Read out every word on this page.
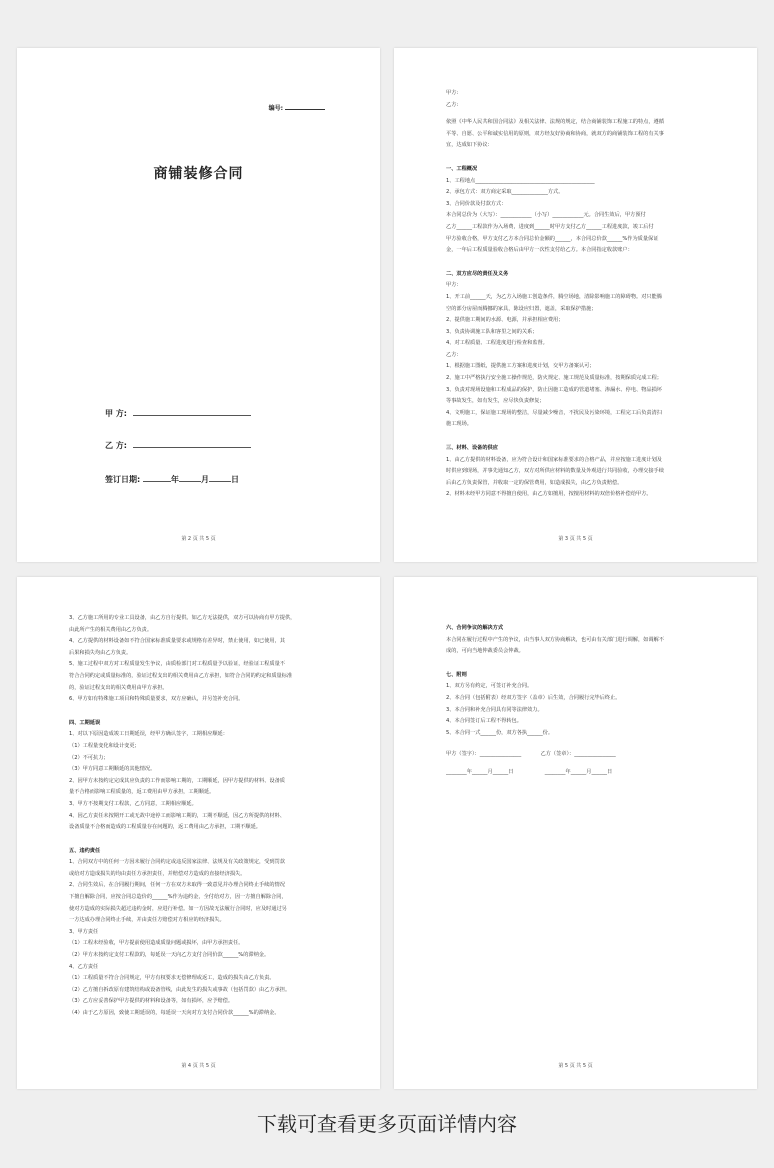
编号:
商铺装修合同
甲 方:
乙 方:
签订日期:	年	月	日
第 2 页 共 5 页
甲方:
乙方:
依照《中华人民共和国合同法》及相关法律、法规的规定，结合商铺装饰工程施工的特点，遵循
平等、自愿、公平和诚实信用的原则，双方经友好协商和协商，就双方的商铺装饰工程的有关事
宜，达成如下协议：
一、工程概况
1、工程地点______________________________________________
2、承包方式：双方商定采取______________方式。
3、合同价款及付款方式：
本合同总价为（大写）：____________（小写）____________元。合同生效后，甲方预付
乙方______工程款作为入场费，进度到______时甲方支付乙方______工程进度款，竣工后付
甲方验收合格，甲方支付乙方本合同总价金额的______，本合同总价款______%作为质量保证
金，一年后工程质量验收合格后由甲方一次性支付给乙方。本合同指定收款账户：
二、双方应尽的责任及义务
甲方：
1、开工前______天，为乙方入场施工创造条件，腾空场地，清除影响施工的障碍物。对只能腾
空的部分房屋而腾挪的家具，陈设应归置，遮盖，采取保护措施；
2、提供施工期间的水源、电源，并承担相应费用；
3、负责协调施工队和客里之间的关系；
4、对工程质量、工程进度进行检查和监督。
乙方：
1、根据施工图纸，提供施工方案和进度计划，交甲方备案认可；
2、施工中严格执行安全施工操作规范，防火规定、施工规范及质量标准，按期保质完成工程；
3、负责对现场设施和工程成品的保护，防止因施工造成的管道堵塞、渗漏水、停电、物品损坏
等事故发生，如有发生，应尽快负责修复；
4、文明施工，保证施工现场的整洁，尽量减少噪音，不扰民及污染环境，工程完工后负责清扫
施工现场。
三、材料、设备的供应
1、由乙方提供的材料设备，应为符合设计和国家标准要求的合格产品，并应按施工进度计划及
时供应到现场，并事先通知乙方，双方对所供应材料的数量及外观进行共同验收，办理交接手续
后由乙方负责保管，并收取一定的保管费用，如造成损失，由乙方负责赔偿。
2、材料未经甲方同意不得擅自使用，由乙方如擅用，按擅用材料的双倍价格补偿给甲方。
第 3 页 共 5 页
3、乙方施工所用的专业工具设备，由乙方自行提供。如乙方无法提供，双方可以协商有甲方提供，
由此所产生的相关费用由乙方负责。
4、乙方提供的材料设备如不符合国家标准质量要求或规格有差异时，禁止使用，如已使用，其
后果和损失均由乙方负责。
5、施工过程中双方对工程质量发生争议，由质检部门对工程质量予以验证，经验证工程质量不
符合合同约定或质量标准的，验证过程支出的相关费用由乙方承担，如符合合同的约定和质量标准
的，验证过程支出的相关费用由甲方承担。
6、甲方如有特殊施工项目和特殊质量要求，双方应确认，并另签补充合同。
四、工期延误
1、对以下原因造成竣工日期延误，经甲方确认签字，工期相应顺延：
（1）工程量变化和设计变更；
（2）不可抗力；
（3）甲方同意工期顺延的其他情况。
2、因甲方未按约定完成其应负责的工作而影响工期的，工期顺延，因甲方提供的材料、设备质
量不合格而影响工程质量的，返工费用由甲方承担，工期顺延。
3、甲方不按期支付工程款，乙方同意，工期相应顺延。
4、因乙方责任未按期开工或无故中途停工而影响工期的，工期不顺延，因乙方所提供的材料、
设备质量不合格而造成的工程质量存在问题的，返工费用由乙方承担，工期不顺延。
五、违约责任
1、合同双方中的任何一方因未履行合同约定或违反国家法律、法规及有关政策规定，受到罚款
或给对方造成损失的均由责任方承担责任，并赔偿对方造成的直接经济损失。
2、合同生效后，在合同履行期间，任何一方在双方未取得一致意见并办理合同终止手续的情况
下擅自解除合同，应按合同总造价的______%作为违约金，全付给对方，因一方擅自解除合同，
使对方造成的实际损失超过违约金时，应进行补偿。如一方因故无法履行合同时，应及时通过另
一方达成办理合同终止手续，并由责任方赔偿对方相应的经济损失。
3、甲方责任
（1）工程未经验收，甲方提前使用造成质量问题或损坏，由甲方承担责任。
（2）甲方未按约定支付工程款的，每延误一天向乙方支付合同价款______%的滞纳金。
4、乙方责任
（1）工程质量不符合合同规定，甲方有权要求无偿修理或返工，造成的损失由乙方负责。
（2）乙方擅自拆改原有建筑结构或设备管线，由此发生的损失或事故（包括罚款）由乙方承担。
（3）乙方应妥善保护甲方提供的材料和设备等，如有损坏，应予赔偿。
（4）由于乙方原因，致使工期延误的，每延误一天向对方支付合同价款______%的滞纳金。
第 4 页 共 5 页
六、合同争议的解决方式
本合同在履行过程中产生的争议，由当事人双方协商解决，也可由有关部门进行调解，如调解不
成的，可向当地仲裁委员会仲裁。
七、附则
1、双方另有约定，可签订补充合同。
2、本合同（包括附表）经双方签字（盖章）后生效，合同履行完毕后终止。
3、本合同和补充合同具有同等法律效力。
4、本合同签订后工程不得转包。
5、本合同一式______份，双方各执______份。
甲方（签字）：________________	乙方（签章）：________________
________年______月______日	________年______月______日
第 5 页 共 5 页
下载可查看更多页面详情内容
